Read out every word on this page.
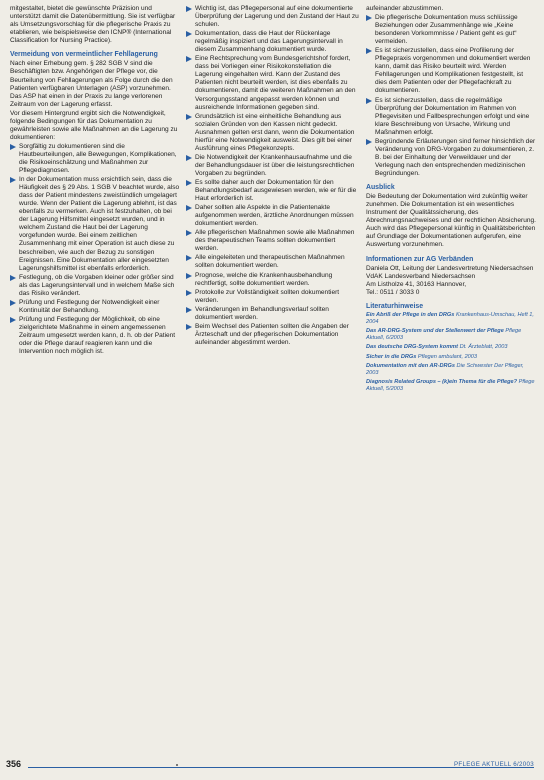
mitgestaltet, bietet die gewünschte Präzision und unterstützt damit die Datenübermittlung. Sie ist verfügbar als Umsetzungsvorschlag für die pflegerische Praxis zu etablieren, wie beispielsweise den ICNP® (International Classification for Nursing Practice).

Vermeidung von vermeintlicher Fehllagerung

Nach einer Erhebung gem. § 282 SGB V sind die Beschäftigten bzw. Angehörigen der Pflege vor, die Beurteilung von Fehllagerungen als Folge durch die den Patienten verfügbaren Unterlagen (ASP) vorzunehmen. Das ASP hat einen in der Praxis zu lange verlorenen Zeitraum von der Lagerung erfasst.

Vor diesem Hintergrund ergibt sich die Notwendigkeit, folgende Bedingungen für das Dokumentation zu gewährleisten sowie alle Maßnahmen an die Lagerung zu dokumentieren:

Sorgfältig zu dokumentieren sind die Hautbeurteilungen, alle Bewegungen, Komplikationen, die Risikoeinschätzung und Maßnahmen zur Pflegediagnosen.
In der Dokumentation muss ersichtlich sein, dass die Häufigkeit des § 29 Abs. 1 SGB V beachtet wurde, also dass der Patient mindestens zweistündlich umgelagert wurde. Wenn der Patient die Lagerung ablehnt, ist das ebenfalls zu vermerken. Auch ist festzuhalten, ob bei der Lagerung Hilfsmittel eingesetzt wurden, und in welchem Zustand die Haut bei der Lagerung vorgefunden wurde. Bei einem zeitlichen Zusammenhang mit einer Operation ist auch diese zu beschreiben, wie auch der Bezug zu sonstigen Ereignissen. Eine Dokumentation aller eingesetzten Lagerungshilfsmittel ist ebenfalls erforderlich.
Festlegung, ob die Vorgaben kleiner oder größer sind als das Lagerungsintervall und in welchem Maße sich das Risiko verändert.
Prüfung und Festlegung der Notwendigkeit einer Kontinuität der Behandlung.
Prüfung und Festlegung der Möglichkeit, ob eine zielgerichtete Maßnahme in einem angemessenen Zeitraum umgesetzt werden kann, d. h. ob der Patient oder die Pflege darauf reagieren kann und die Intervention noch möglich ist.
Wichtig ist, das Pflegepersonal auf eine dokumentierte Überprüfung der Lagerung und den Zustand der Haut zu schulen.
Dokumentation, dass die Haut der Rückenlage regelmäßig inspiziert und das Lagerungsintervall in diesem Zusammenhang dokumentiert wurde.
Eine Rechtsprechung vom Bundesgerichtshof fordert, dass bei Vorliegen einer Risikokonstellation die Lagerung eingehalten wird. Kann der Zustand des Patienten nicht beurteilt werden, ist dies ebenfalls zu dokumentieren, damit die weiteren Maßnahmen an den Versorgungsstand angepasst werden können und ausreichende Informationen gegeben sind.
Grundsätzlich ist eine einheitliche Behandlung aus sozialen Gründen von den Kassen nicht gedeckt. Ausnahmen gelten erst dann, wenn die Dokumentation hierfür eine Notwendigkeit ausweist. Dies gilt bei einer Ausführung eines Pflegekonzepts.
Die Notwendigkeit der Krankenhausaufnahme und die der Behandlungsdauer ist über die leistungsrechtlichen Vorgaben zu begründen.
Es sollte daher auch der Dokumentation für den Behandlungsbedarf ausgewiesen werden, wie er für die Haut erforderlich ist.
Daher sollten alle Aspekte in die Patientenakte aufgenommen werden, ärztliche Anordnungen müssen dokumentiert werden.
Alle pflegerischen Maßnahmen sowie alle Maßnahmen des therapeutischen Teams sollten dokumentiert werden.
Alle eingeleiteten und therapeutischen Maßnahmen sollten dokumentiert werden.
Prognose, welche die Krankenhausbehandlung rechtfertigt, sollte dokumentiert werden.
Protokolle zur Vollständigkeit sollten dokumentiert werden.
Veränderungen im Behandlungsverlauf sollten dokumentiert werden.
Beim Wechsel des Patienten sollten die Angaben der Ärzteschaft und der pflegerischen Dokumentation aufeinander abgestimmt werden.

aufeinander abzustimmen.

Die pflegerische Dokumentation muss schlüssige Beziehungen oder Zusammenhänge wie „Keine besonderen Vorkommnisse / Patient geht es gut“ vermeiden.
Es ist sicherzustellen, dass eine Profilierung der Pflegepraxis vorgenommen und dokumentiert werden kann, damit das Risiko beurteilt wird. Werden Fehllagerungen und Komplikationen festgestellt, ist dies dem Patienten oder der Pflegefachkraft zu dokumentieren.
Es ist sicherzustellen, dass die regelmäßige Überprüfung der Dokumentation im Rahmen von Pflegevisiten und Fallbesprechungen erfolgt und eine klare Beschreibung von Ursache, Wirkung und Maßnahmen erfolgt.
Begründende Erläuterungen sind ferner hinsichtlich der Veränderung von DRG-Vorgaben zu dokumentieren, z. B. bei der Einhaltung der Verweildauer und der Verlegung nach den entsprechenden medizinischen Begründungen.
Ausblick

Die Bedeutung der Dokumentation wird zukünftig weiter zunehmen. Die Dokumentation ist ein wesentliches Instrument der Qualitätssicherung, des Abrechnungsnachweises und der rechtlichen Absicherung. Auch wird das Pflegepersonal künftig in Qualitätsberichten auf Grundlage der Dokumentationen aufgerufen, eine Auswertung vorzunehmen.

Informationen zur AG Verbänden
Daniela Ott, Leitung der Landesvertretung Niedersachsen
VdAK Landesverband Niedersachsen
Am Listholze 41, 30163 Hannover,
Tel.: 0511 / 3033 0
Literaturhinweise
Ein Abriß der Pflege in den DRGs Krankenhaus-Umschau, Heft 1, 2004
Das AR-DRG-System und der Stellenwert der Pflege Pflege Aktuell, 6/2003
Das deutsche DRG-System kommt Dt. Ärzteblatt, 2003
Sicher in die DRGs Pflegen ambulant, 2003
Dokumentation mit den AR-DRGs Die Schwester Der Pfleger, 2003
Diagnosis Related Groups – (k)ein Thema für die Pflege? Pflege Aktuell, 5/2003
356	PFLEGE AKTUELL 6/2003
